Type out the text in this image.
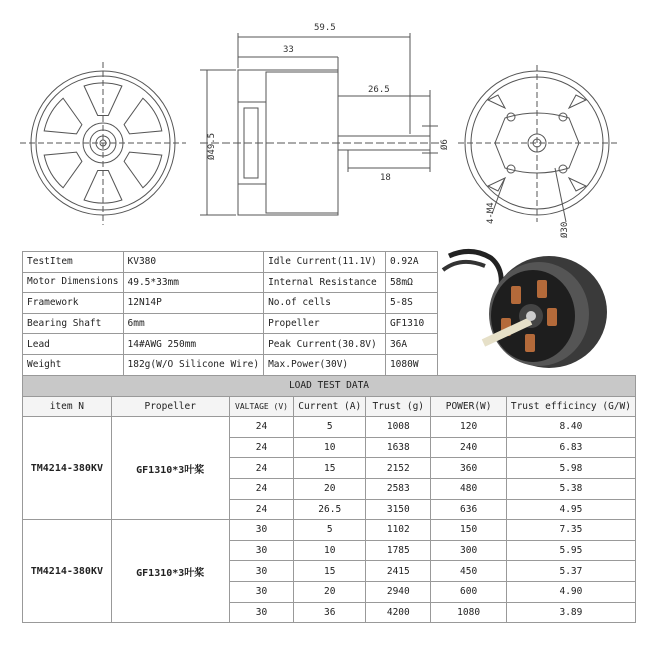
59.5
33
26.5
18
Ø49.5	Ø6
4-M4
Ø30
TestItem	KV380	Idle Current(11.1V)	0.92A
Motor Dimensions	49.5*33mm	Internal Resistance	58mΩ
Framework	12N14P	No.of cells	5-8S
Bearing Shaft	6mm	Propeller	GF1310
Lead	14#AWG 250mm	Peak Current(30.8V)	36A
Weight	182g(W/O Silicone Wire)	Max.Power(30V)	1080W
LOAD TEST DATA						
item N	Propeller	VALTAGE (V)	Current (A)	Trust (g)	POWER(W)	Trust efficincy (G/W)
TM4214-380KV	GF1310*3叶桨	24	5	1008	120	8.40
		24	10	1638	240	6.83
		24	15	2152	360	5.98
		24	20	2583	480	5.38
		24	26.5	3150	636	4.95
TM4214-380KV	GF1310*3叶桨	30	5	1102	150	7.35
		30	10	1785	300	5.95
		30	15	2415	450	5.37
		30	20	2940	600	4.90
		30	36	4200	1080	3.89
